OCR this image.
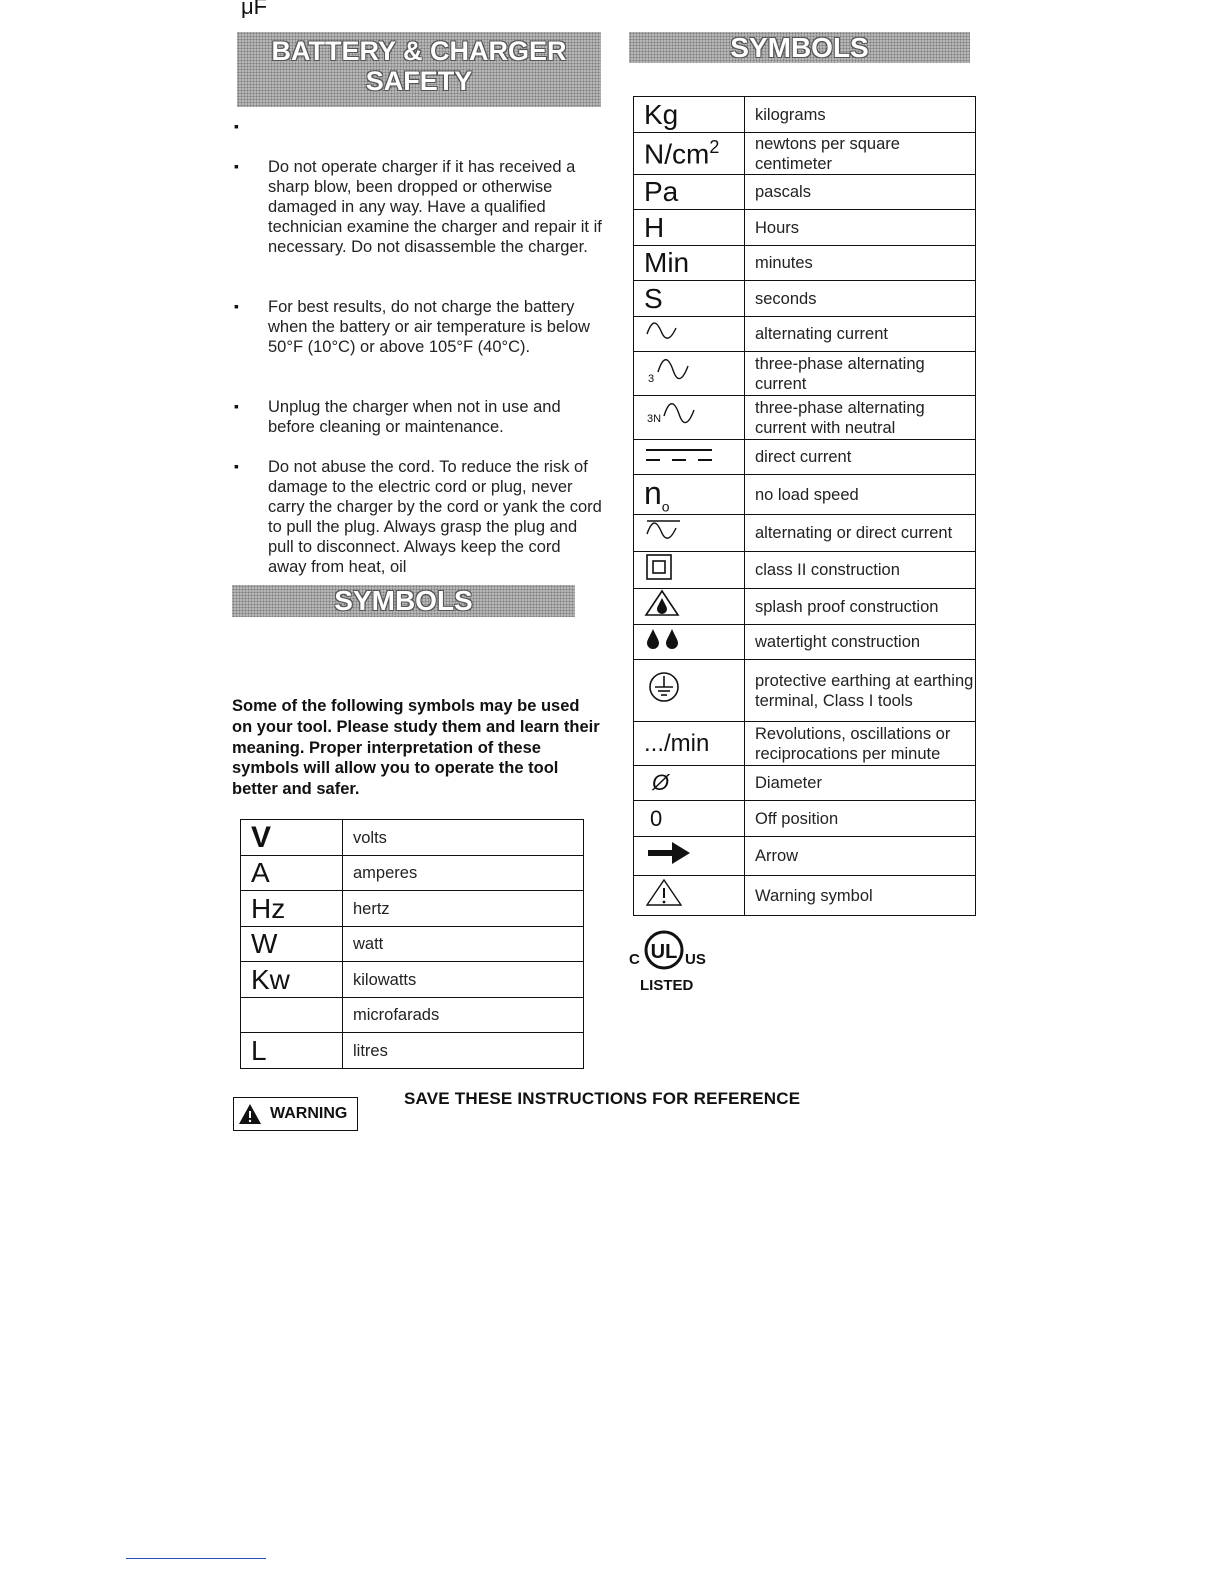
μF
BATTERY & CHARGER
SAFETY
▪
▪ Do not operate charger if it has received a sharp blow, been dropped or otherwise damaged in any way. Have a qualified technician examine the charger and repair it if necessary. Do not disassemble the charger.
▪ For best results, do not charge the battery when the battery or air temperature is below 50°F (10°C) or above 105°F (40°C).
▪ Unplug the charger when not in use and before cleaning or maintenance.
▪ Do not abuse the cord. To reduce the risk of damage to the electric cord or plug, never carry the charger by the cord or yank the cord to pull the plug. Always grasp the plug and pull to disconnect. Always keep the cord away from heat, oil
SYMBOLS
Some of the following symbols may be used on your tool. Please study them and learn their meaning. Proper interpretation of these symbols will allow you to operate the tool better and safer.
V	volts
A	amperes
Hz	hertz
W	watt
Kw	kilowatts
	microfarads
L	litres
SYMBOLS
Kg	kilograms
$N/cm^2$	newtons per square centimeter
Pa	pascals
H	Hours
Min	minutes
S	seconds
	alternating current

3	three-phase alternating current

3N	three-phase alternating current with neutral
	direct current
$n_o$	no load speed
	alternating or direct current
	class II construction
	splash proof construction
	watertight construction
	protective earthing at earthing terminal, Class I tools
.../min	Revolutions, oscillations or reciprocations per minute
Ø	Diameter
0	Off position
	Arrow
	Warning symbol
C UL US
LISTED
WARNING
SAVE THESE INSTRUCTIONS FOR REFERENCE
